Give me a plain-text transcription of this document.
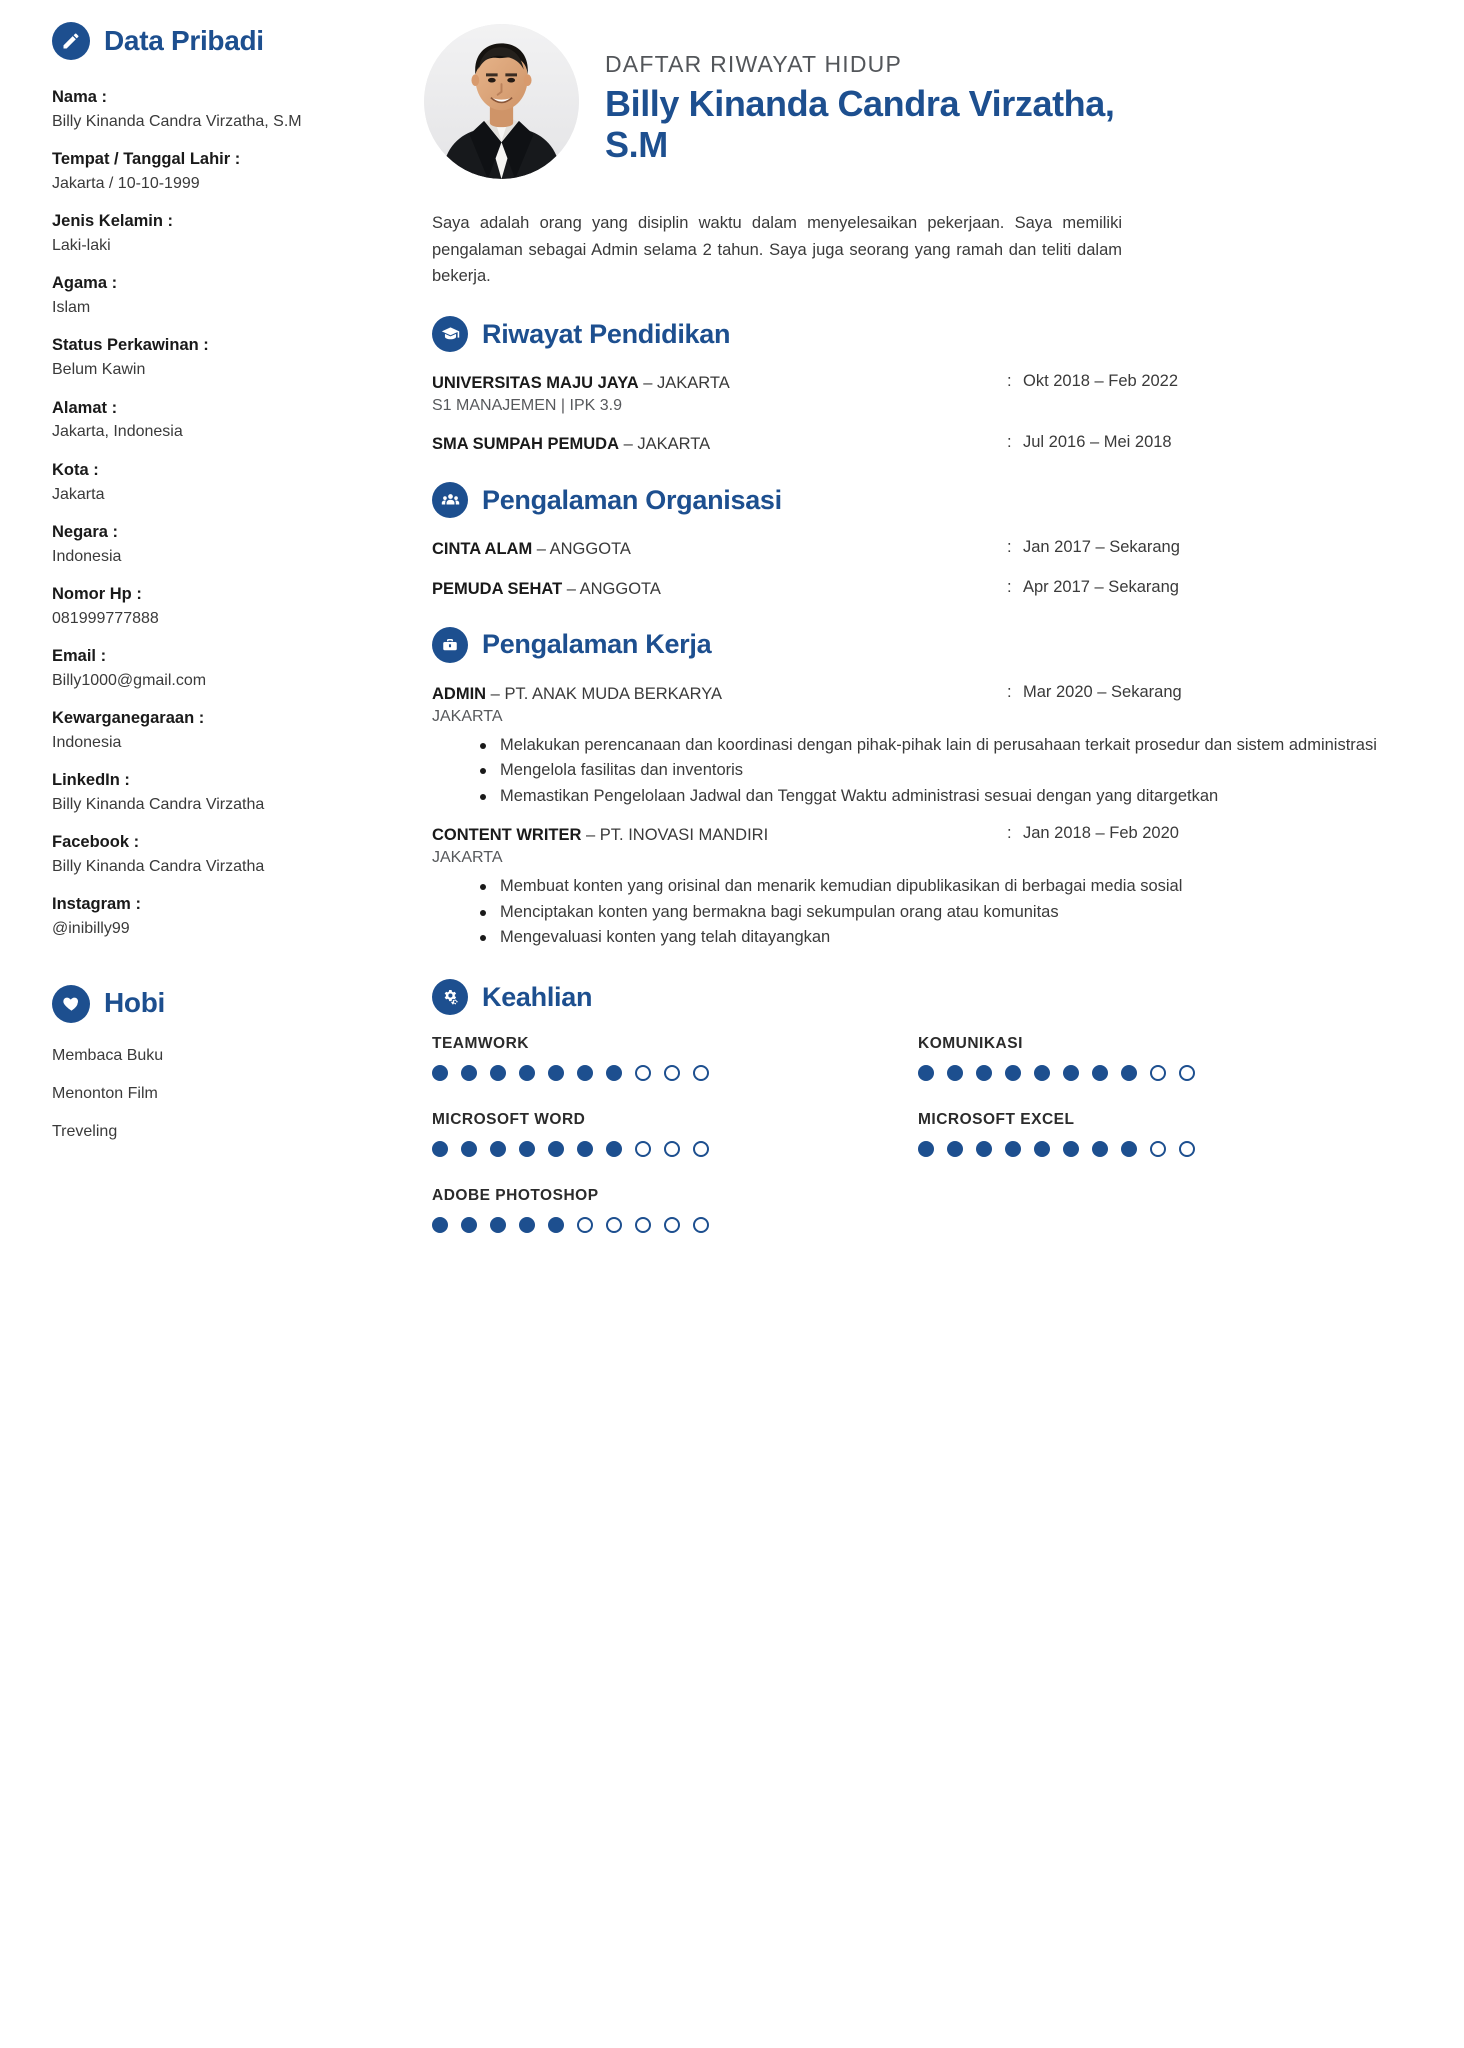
Data Pribadi
Nama :
Billy Kinanda Candra Virzatha, S.M
Tempat / Tanggal Lahir :
Jakarta / 10-10-1999
Jenis Kelamin :
Laki-laki
Agama :
Islam
Status Perkawinan :
Belum Kawin
Alamat :
Jakarta, Indonesia
Kota :
Jakarta
Negara :
Indonesia
Nomor Hp :
081999777888
Email :
Billy1000@gmail.com
Kewarganegaraan :
Indonesia
LinkedIn :
Billy Kinanda Candra Virzatha
Facebook :
Billy Kinanda Candra Virzatha
Instagram :
@inibilly99
Hobi
Membaca Buku
Menonton Film
Treveling
DAFTAR RIWAYAT HIDUP
Billy Kinanda Candra Virzatha, S.M

Saya adalah orang yang disiplin waktu dalam menyelesaikan pekerjaan. Saya memiliki pengalaman sebagai Admin selama 2 tahun. Saya juga seorang yang ramah dan teliti dalam bekerja.

Riwayat Pendidikan
UNIVERSITAS MAJU JAYA – JAKARTA
S1 MANAJEMEN | IPK 3.9
: Okt 2018 – Feb 2022
SMA SUMPAH PEMUDA – JAKARTA	: Jul 2016 – Mei 2018
Pengalaman Organisasi
CINTA ALAM – ANGGOTA	: Jan 2017 – Sekarang
PEMUDA SEHAT – ANGGOTA	: Apr 2017 – Sekarang
Pengalaman Kerja
ADMIN – PT. ANAK MUDA BERKARYA
JAKARTA
: Mar 2020 – Sekarang
Melakukan perencanaan dan koordinasi dengan pihak-pihak lain di perusahaan terkait prosedur dan sistem administrasi
Mengelola fasilitas dan inventoris
Memastikan Pengelolaan Jadwal dan Tenggat Waktu administrasi sesuai dengan yang ditargetkan
CONTENT WRITER – PT. INOVASI MANDIRI
JAKARTA
: Jan 2018 – Feb 2020
Membuat konten yang orisinal dan menarik kemudian dipublikasikan di berbagai media sosial
Menciptakan konten yang bermakna bagi sekumpulan orang atau komunitas
Mengevaluasi konten yang telah ditayangkan
Keahlian
TEAMWORK	KOMUNIKASI
MICROSOFT WORD	MICROSOFT EXCEL
ADOBE PHOTOSHOP
